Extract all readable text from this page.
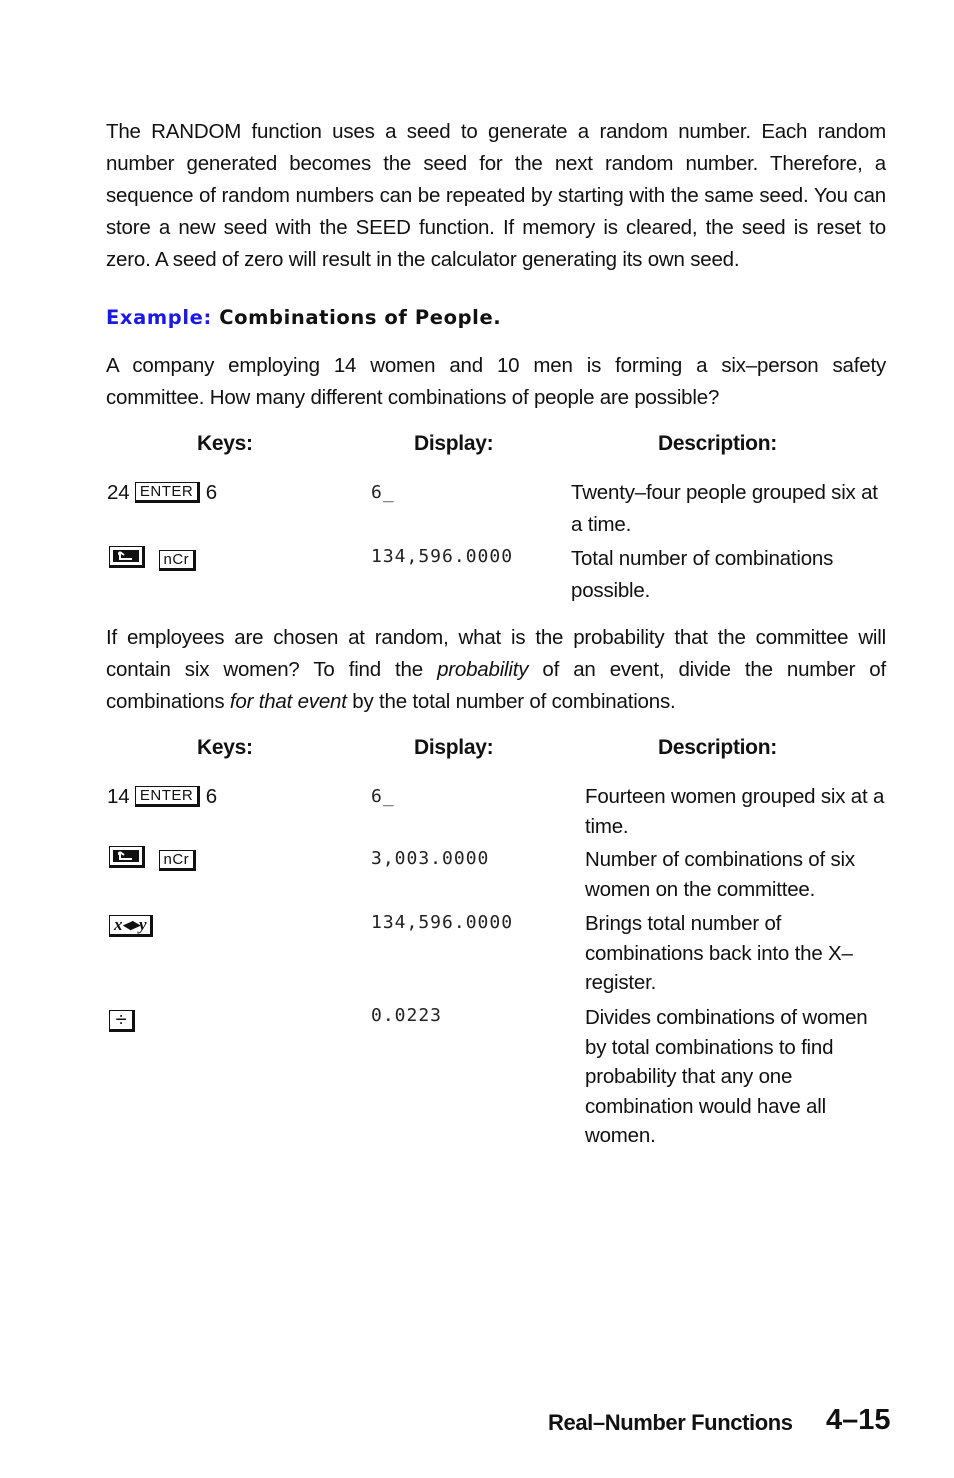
The RANDOM function uses a seed to generate a random number. Each random number generated becomes the seed for the next random number. Therefore, a sequence of random numbers can be repeated by starting with the same seed. You can store a new seed with the SEED function. If memory is cleared, the seed is reset to zero. A seed of zero will result in the calculator generating its own seed.
Example: Combinations of People.
A company employing 14 women and 10 men is forming a six–person safety committee. How many different combinations of people are possible?
Keys:	Display:	Description:
24 ENTER 6	6_	Twenty–four people grouped six at a time.
nCr	134,596.0000	Total number of combinations possible.
If employees are chosen at random, what is the probability that the committee will contain six women? To find the probability of an event, divide the number of combinations for that event by the total number of combinations.
Keys:	Display:	Description:
14 ENTER 6	6_	Fourteen women grouped six at a time.
nCr	3,003.0000	Number of combinations of six women on the committee.
x◂▸y	134,596.0000	Brings total number of combinations back into the X–register.
÷	0.0223	Divides combinations of women by total combinations to find probability that any one combination would have all women.
Real–Number Functions 4–15
